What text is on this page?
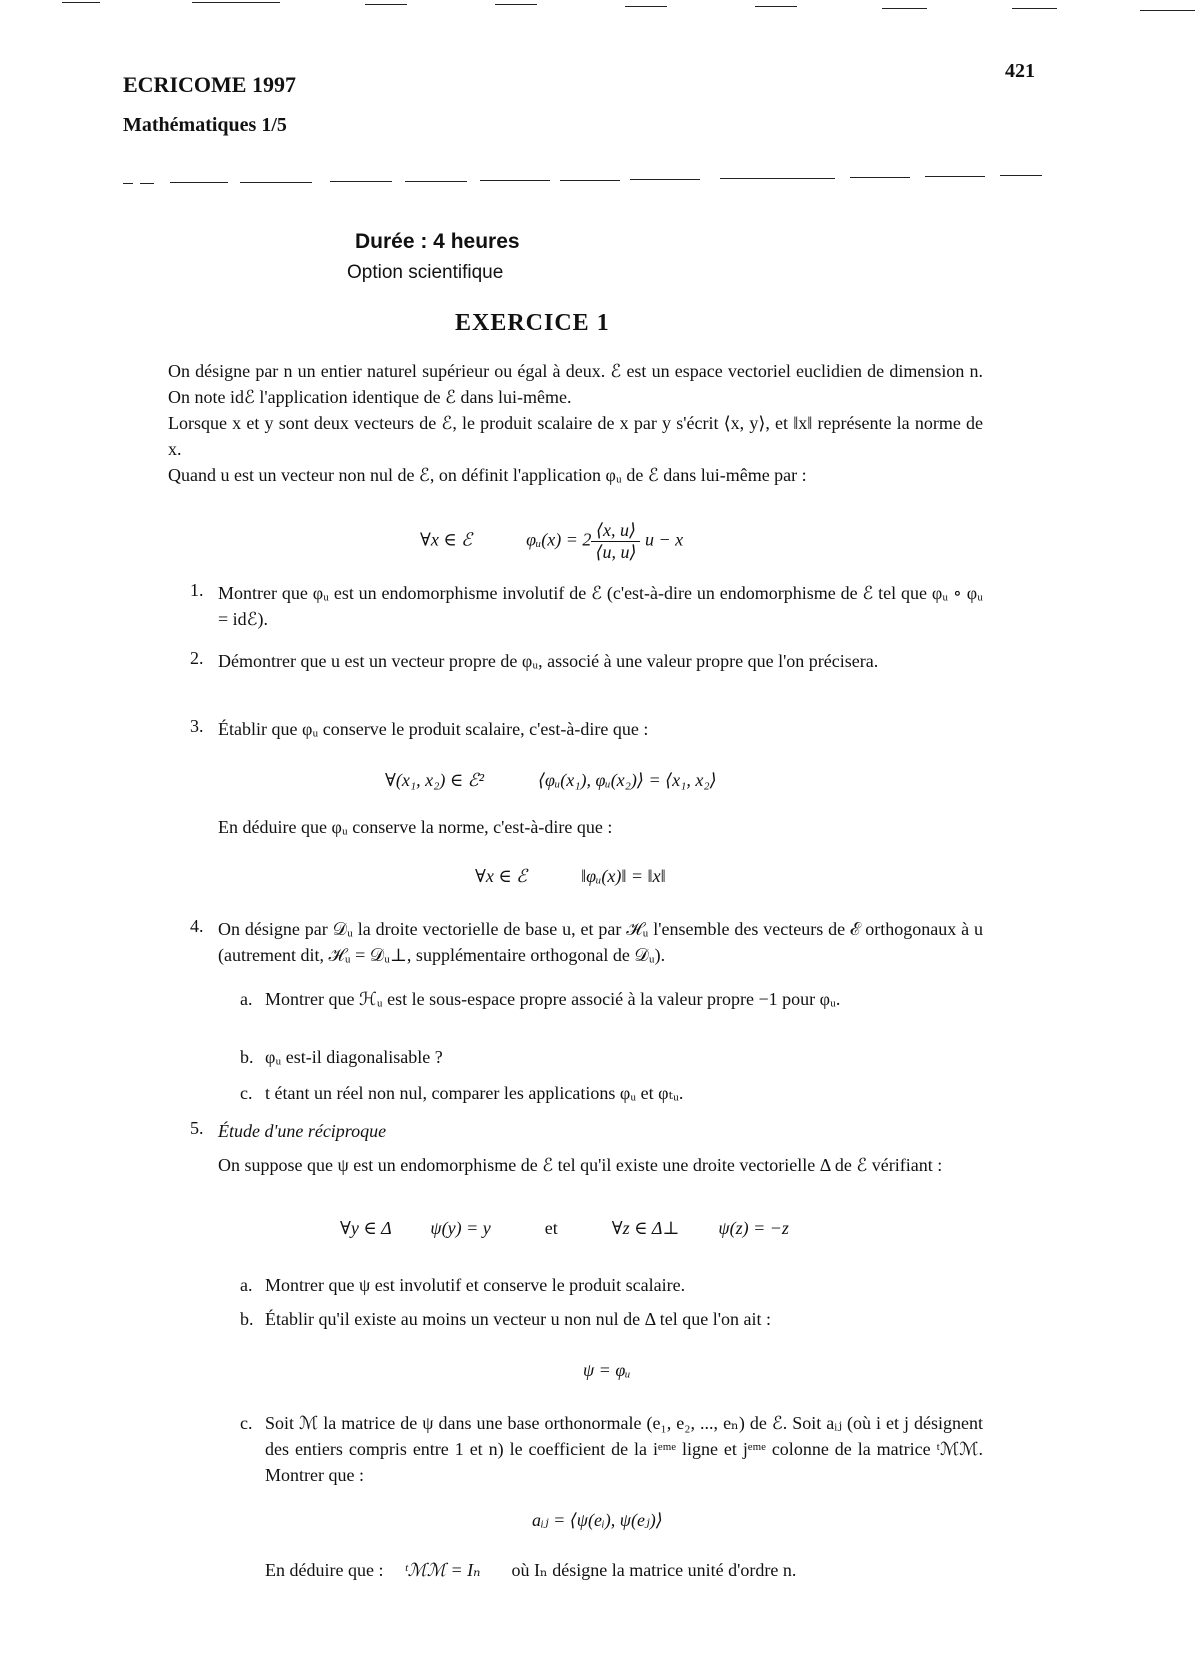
ECRICOME 1997
Mathématiques 1/5
421
Durée : 4 heures
Option scientifique
EXERCICE 1
On désigne par n un entier naturel supérieur ou égal à deux. ℰ est un espace vectoriel euclidien de dimension n. On note idℰ l'application identique de ℰ dans lui-même.
Lorsque x et y sont deux vecteurs de ℰ, le produit scalaire de x par y s'écrit ⟨x, y⟩, et ‖x‖ représente la norme de x.
Quand u est un vecteur non nul de ℰ, on définit l'application φᵤ de ℰ dans lui-même par :
∀x ∈ ℰ	φᵤ(x) = $2 \frac{⟨x, u⟩}{⟨u, u⟩}$ u − x
1. Montrer que φᵤ est un endomorphisme involutif de ℰ (c'est-à-dire un endomorphisme de ℰ tel que φᵤ ∘ φᵤ = idℰ).
2. Démontrer que u est un vecteur propre de φᵤ, associé à une valeur propre que l'on précisera.
3. Établir que φᵤ conserve le produit scalaire, c'est-à-dire que :
∀(x₁, x₂) ∈ ℰ²	⟨φᵤ(x₁), φᵤ(x₂)⟩ = ⟨x₁, x₂⟩
En déduire que φᵤ conserve la norme, c'est-à-dire que :
∀x ∈ ℰ	‖φᵤ(x)‖ = ‖x‖
4. On désigne par 𝒟ᵤ la droite vectorielle de base u, et par ℋᵤ l'ensemble des vecteurs de ℰ orthogonaux à u (autrement dit, ℋᵤ = 𝒟ᵤ⊥, supplémentaire orthogonal de 𝒟ᵤ).
a. Montrer que ℋᵤ est le sous-espace propre associé à la valeur propre −1 pour φᵤ.
b. φᵤ est-il diagonalisable ?
c. t étant un réel non nul, comparer les applications φᵤ et φₜᵤ.
5. Étude d'une réciproque
On suppose que ψ est un endomorphisme de ℰ tel qu'il existe une droite vectorielle Δ de ℰ vérifiant :
∀y ∈ Δ ψ(y) = y	et	∀z ∈ Δ⊥ ψ(z) = −z
a. Montrer que ψ est involutif et conserve le produit scalaire.
b. Établir qu'il existe au moins un vecteur u non nul de Δ tel que l'on ait :
ψ = φᵤ
c. Soit ℳ la matrice de ψ dans une base orthonormale (e₁, e₂, ..., eₙ) de ℰ. Soit aᵢⱼ (où i et j désignent des entiers compris entre 1 et n) le coefficient de la iᵉᵐᵉ ligne et jᵉᵐᵉ colonne de la matrice ᵗℳℳ. Montrer que :
aᵢⱼ = ⟨ψ(eᵢ), ψ(eⱼ)⟩
En déduire que : ᵗℳℳ = Iₙ où Iₙ désigne la matrice unité d'ordre n.
